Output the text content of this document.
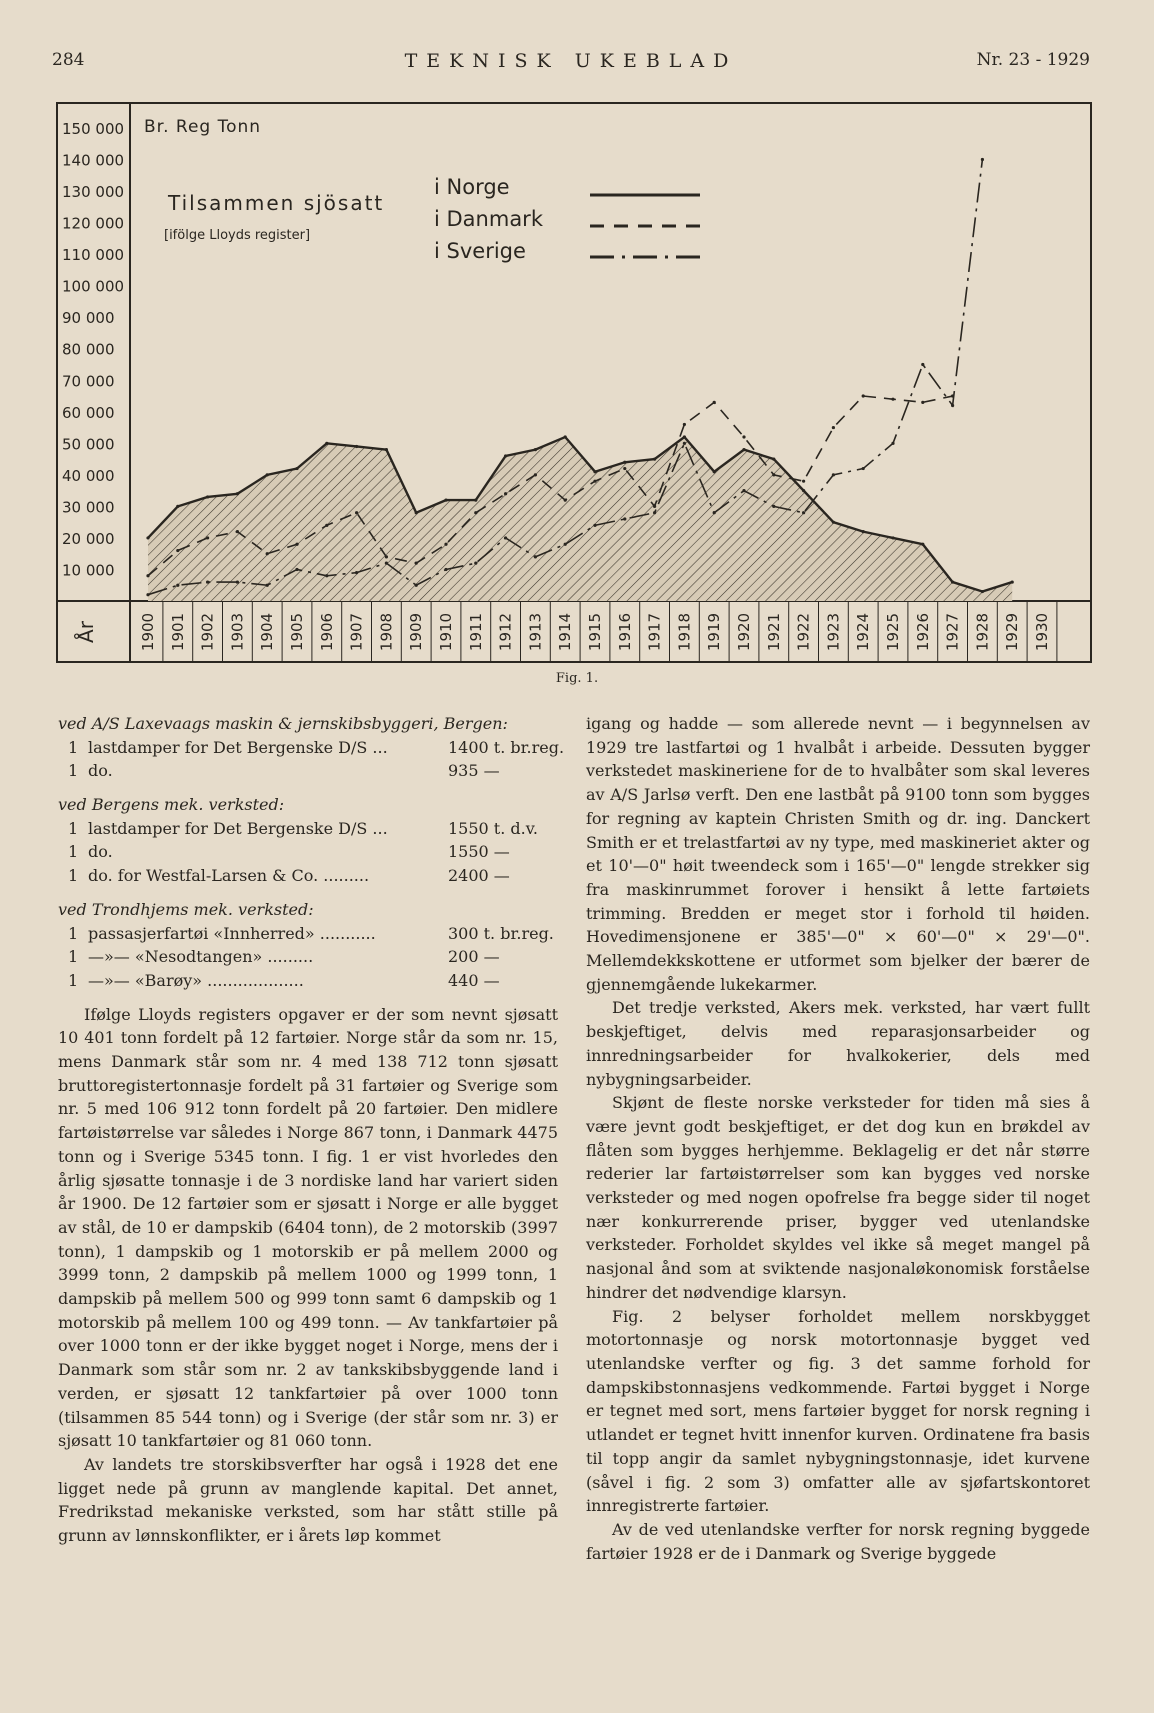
284	TEKNISK UKEBLAD	Nr. 23 - 1929
10 000
20 000
30 000
40 000
50 000
60 000
70 000
80 000
90 000
100 000
110 000
120 000
130 000
140 000
150 000
1900 1901 1902 1903 1904 1905 1906 1907 1908 1909 1910 1911 1912 1913 1914 1915 1916 1917 1918 1919 1920 1921 1922 1923 1924 1925 1926 1927 1928 1929 1930
Br. Reg Tonn
Tilsammen sjösatt
[ifölge Lloyds register]
i Norge
i Danmark
i Sverige
År
Fig. 1.
ved A/S Laxevaags maskin & jernskibsbyggeri, Bergen:
1 lastdamper for Det Bergenske D/S ...	1400 t. br.reg.
1 do.	935 —
ved Bergens mek. verksted:
1 lastdamper for Det Bergenske D/S ...	1550 t. d.v.
1 do.	1550 —
1 do. for Westfal-Larsen & Co. .........	2400 —
ved Trondhjems mek. verksted:
1 passasjerfartøi «Innherred» ...........	300 t. br.reg.
1 —»— «Nesodtangen» .........	200 —
1 —»— «Barøy» ...................	440 —

Ifølge Lloyds registers opgaver er der som nevnt sjøsatt 10 401 tonn fordelt på 12 fartøier. Norge står da som nr. 15, mens Danmark står som nr. 4 med 138 712 tonn sjøsatt bruttoregistertonnasje fordelt på 31 fartøier og Sverige som nr. 5 med 106 912 tonn fordelt på 20 fartøier. Den midlere fartøistørrelse var således i Norge 867 tonn, i Danmark 4475 tonn og i Sverige 5345 tonn. I fig. 1 er vist hvorledes den årlig sjøsatte tonnasje i de 3 nordiske land har variert siden år 1900. De 12 fartøier som er sjøsatt i Norge er alle bygget av stål, de 10 er dampskib (6404 tonn), de 2 motorskib (3997 tonn), 1 dampskib og 1 motorskib er på mellem 2000 og 3999 tonn, 2 dampskib på mellem 1000 og 1999 tonn, 1 dampskib på mellem 500 og 999 tonn samt 6 dampskib og 1 motorskib på mellem 100 og 499 tonn. — Av tankfartøier på over 1000 tonn er der ikke bygget noget i Norge, mens der i Danmark som står som nr. 2 av tankskibsbyggende land i verden, er sjøsatt 12 tankfartøier på over 1000 tonn (tilsammen 85 544 tonn) og i Sverige (der står som nr. 3) er sjøsatt 10 tankfartøier og 81 060 tonn.

Av landets tre storskibsverfter har også i 1928 det ene ligget nede på grunn av manglende kapital. Det annet, Fredrikstad mekaniske verksted, som har stått stille på grunn av lønnskonflikter, er i årets løp kommet

igang og hadde — som allerede nevnt — i begynnelsen av 1929 tre lastfartøi og 1 hvalbåt i arbeide. Dessuten bygger verkstedet maskineriene for de to hvalbåter som skal leveres av A/S Jarlsø verft. Den ene lastbåt på 9100 tonn som bygges for regning av kaptein Christen Smith og dr. ing. Danckert Smith er et trelastfartøi av ny type, med maskineriet akter og et 10'—0" høit tweendeck som i 165'—0" lengde strekker sig fra maskinrummet forover i hensikt å lette fartøiets trimming. Bredden er meget stor i forhold til høiden. Hovedimensjonene er 385'—0" × 60'—0" × 29'—0". Mellemdekkskottene er utformet som bjelker der bærer de gjennemgående lukekarmer.

Det tredje verksted, Akers mek. verksted, har vært fullt beskjeftiget, delvis med reparasjonsarbeider og innredningsarbeider for hvalkokerier, dels med nybygningsarbeider.

Skjønt de fleste norske verksteder for tiden må sies å være jevnt godt beskjeftiget, er det dog kun en brøkdel av flåten som bygges herhjemme. Beklagelig er det når større rederier lar fartøistørrelser som kan bygges ved norske verksteder og med nogen opofrelse fra begge sider til noget nær konkurrerende priser, bygger ved utenlandske verksteder. Forholdet skyldes vel ikke så meget mangel på nasjonal ånd som at sviktende nasjonaløkonomisk forståelse hindrer det nødvendige klarsyn.

Fig. 2 belyser forholdet mellem norskbygget motortonnasje og norsk motortonnasje bygget ved utenlandske verfter og fig. 3 det samme forhold for dampskibstonnasjens vedkommende. Fartøi bygget i Norge er tegnet med sort, mens fartøier bygget for norsk regning i utlandet er tegnet hvitt innenfor kurven. Ordinatene fra basis til topp angir da samlet nybygningstonnasje, idet kurvene (såvel i fig. 2 som 3) omfatter alle av sjøfartskontoret innregistrerte fartøier.

Av de ved utenlandske verfter for norsk regning byggede fartøier 1928 er de i Danmark og Sverige byggede
